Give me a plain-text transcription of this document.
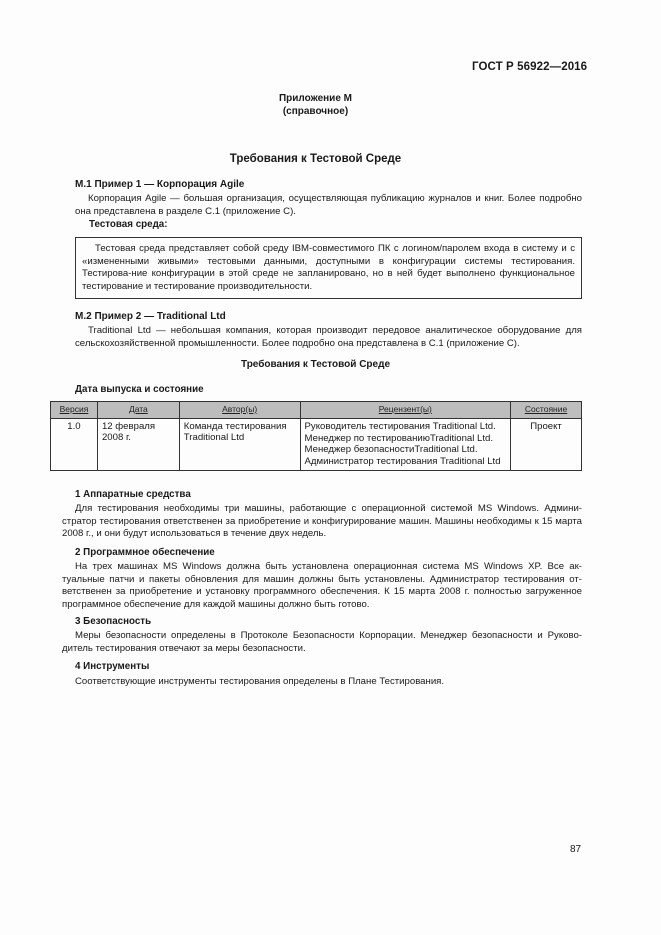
ГОСТ Р 56922—2016
Приложение М
(справочное)
Требования к Тестовой Среде
М.1 Пример 1 — Корпорация Agile
Корпорация Agile — большая организация, осуществляющая публикацию журналов и книг. Более подробно она представлена в разделе С.1 (приложение С).
Тестовая среда:
Тестовая среда представляет собой среду IBM-совместимого ПК с логином/паролем входа в систему и с «измененными живыми» тестовыми данными, доступными в конфигурации системы тестирования. Тестирова-ние конфигурации в этой среде не запланировано, но в ней будет выполнено функциональное тестирование и тестирование производительности.
М.2 Пример 2 — Traditional Ltd
Traditional Ltd — небольшая компания, которая производит передовое аналитическое оборудование для сельскохозяйственной промышленности. Более подробно она представлена в С.1 (приложение С).
Требования к Тестовой Среде
Дата выпуска и состояние
Версия	Дата	Автор(ы)	Рецензент(ы)	Состояние
1.0	12 февраля 2008 г.	Команда тестирования Traditional Ltd	Руководитель тестирования Traditional Ltd.
Менеджер по тестированиюTraditional Ltd.
Менеджер безопасностиTraditional Ltd.
Администратор тестирования Traditional Ltd	Проект
1 Аппаратные средства
Для тестирования необходимы три машины, работающие с операционной системой MS Windows. Админи-стратор тестирования ответственен за приобретение и конфигурирование машин. Машины необходимы к 15 марта 2008 г., и они будут использоваться в течение двух недель.
2 Программное обеспечение
На трех машинах MS Windows должна быть установлена операционная система MS Windows XP. Все ак-туальные патчи и пакеты обновления для машин должны быть установлены. Администратор тестирования от-ветственен за приобретение и установку программного обеспечения. К 15 марта 2008 г. полностью загруженное программное обеспечение для каждой машины должно быть готово.
3 Безопасность
Меры безопасности определены в Протоколе Безопасности Корпорации. Менеджер безопасности и Руково-дитель тестирования отвечают за меры безопасности.
4 Инструменты
Соответствующие инструменты тестирования определены в Плане Тестирования.
87
